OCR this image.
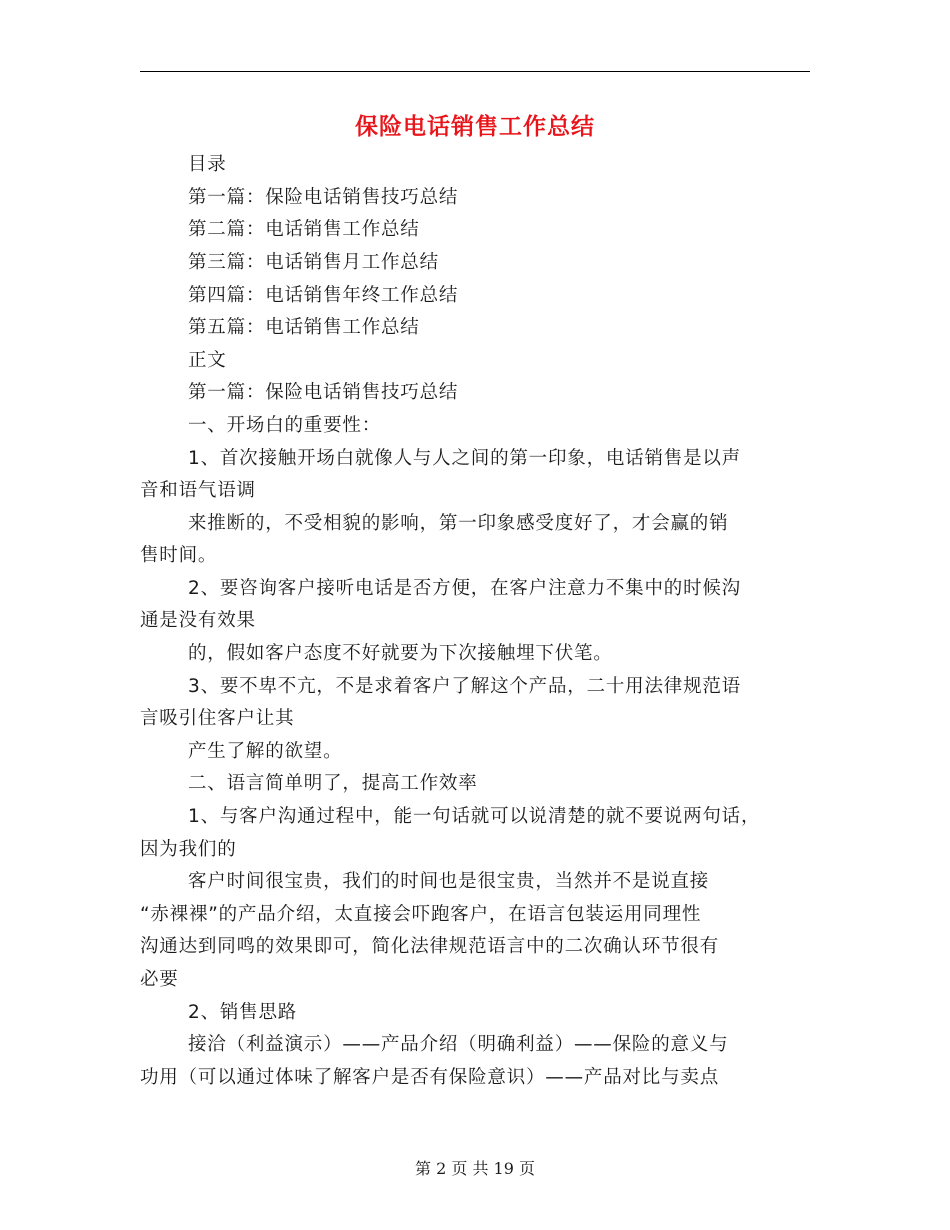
保险电话销售工作总结
目录
第一篇：保险电话销售技巧总结
第二篇：电话销售工作总结
第三篇：电话销售月工作总结
第四篇：电话销售年终工作总结
第五篇：电话销售工作总结
正文
第一篇：保险电话销售技巧总结
一、开场白的重要性：
1、首次接触开场白就像人与人之间的第一印象，电话销售是以声
音和语气语调
来推断的，不受相貌的影响，第一印象感受度好了，才会赢的销
售时间。
2、要咨询客户接听电话是否方便，在客户注意力不集中的时候沟
通是没有效果
的，假如客户态度不好就要为下次接触埋下伏笔。
3、要不卑不亢，不是求着客户了解这个产品，二十用法律规范语
言吸引住客户让其
产生了解的欲望。
二、语言简单明了，提高工作效率
1、与客户沟通过程中，能一句话就可以说清楚的就不要说两句话，
因为我们的
客户时间很宝贵，我们的时间也是很宝贵，当然并不是说直接
“赤裸裸”的产品介绍，太直接会吓跑客户，在语言包装运用同理性
沟通达到同鸣的效果即可，简化法律规范语言中的二次确认环节很有
必要
2、销售思路
接洽（利益演示）——产品介绍（明确利益）——保险的意义与
功用（可以通过体味了解客户是否有保险意识）——产品对比与卖点
第 2 页 共 19 页
